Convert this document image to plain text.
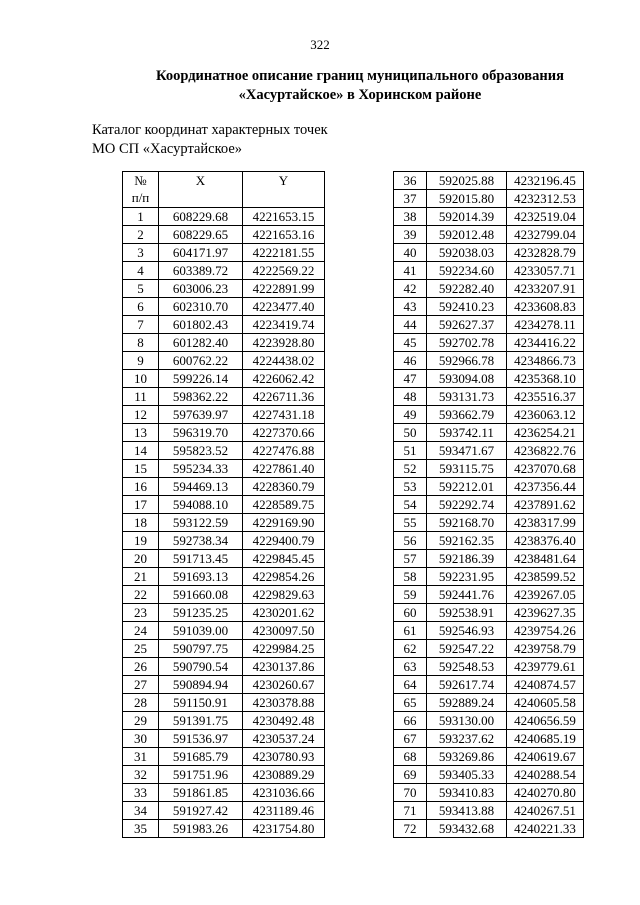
322
Координатное описание границ муниципального образования
«Хасуртайское» в Хоринском районе
Каталог координат характерных точек
МО СП «Хасуртайское»
№
п/п	X	Y
1	608229.68	4221653.15
2	608229.65	4221653.16
3	604171.97	4222181.55
4	603389.72	4222569.22
5	603006.23	4222891.99
6	602310.70	4223477.40
7	601802.43	4223419.74
8	601282.40	4223928.80
9	600762.22	4224438.02
10	599226.14	4226062.42
11	598362.22	4226711.36
12	597639.97	4227431.18
13	596319.70	4227370.66
14	595823.52	4227476.88
15	595234.33	4227861.40
16	594469.13	4228360.79
17	594088.10	4228589.75
18	593122.59	4229169.90
19	592738.34	4229400.79
20	591713.45	4229845.45
21	591693.13	4229854.26
22	591660.08	4229829.63
23	591235.25	4230201.62
24	591039.00	4230097.50
25	590797.75	4229984.25
26	590790.54	4230137.86
27	590894.94	4230260.67
28	591150.91	4230378.88
29	591391.75	4230492.48
30	591536.97	4230537.24
31	591685.79	4230780.93
32	591751.96	4230889.29
33	591861.85	4231036.66
34	591927.42	4231189.46
35	591983.26	4231754.80
36	592025.88	4232196.45
37	592015.80	4232312.53
38	592014.39	4232519.04
39	592012.48	4232799.04
40	592038.03	4232828.79
41	592234.60	4233057.71
42	592282.40	4233207.91
43	592410.23	4233608.83
44	592627.37	4234278.11
45	592702.78	4234416.22
46	592966.78	4234866.73
47	593094.08	4235368.10
48	593131.73	4235516.37
49	593662.79	4236063.12
50	593742.11	4236254.21
51	593471.67	4236822.76
52	593115.75	4237070.68
53	592212.01	4237356.44
54	592292.74	4237891.62
55	592168.70	4238317.99
56	592162.35	4238376.40
57	592186.39	4238481.64
58	592231.95	4238599.52
59	592441.76	4239267.05
60	592538.91	4239627.35
61	592546.93	4239754.26
62	592547.22	4239758.79
63	592548.53	4239779.61
64	592617.74	4240874.57
65	592889.24	4240605.58
66	593130.00	4240656.59
67	593237.62	4240685.19
68	593269.86	4240619.67
69	593405.33	4240288.54
70	593410.83	4240270.80
71	593413.88	4240267.51
72	593432.68	4240221.33
